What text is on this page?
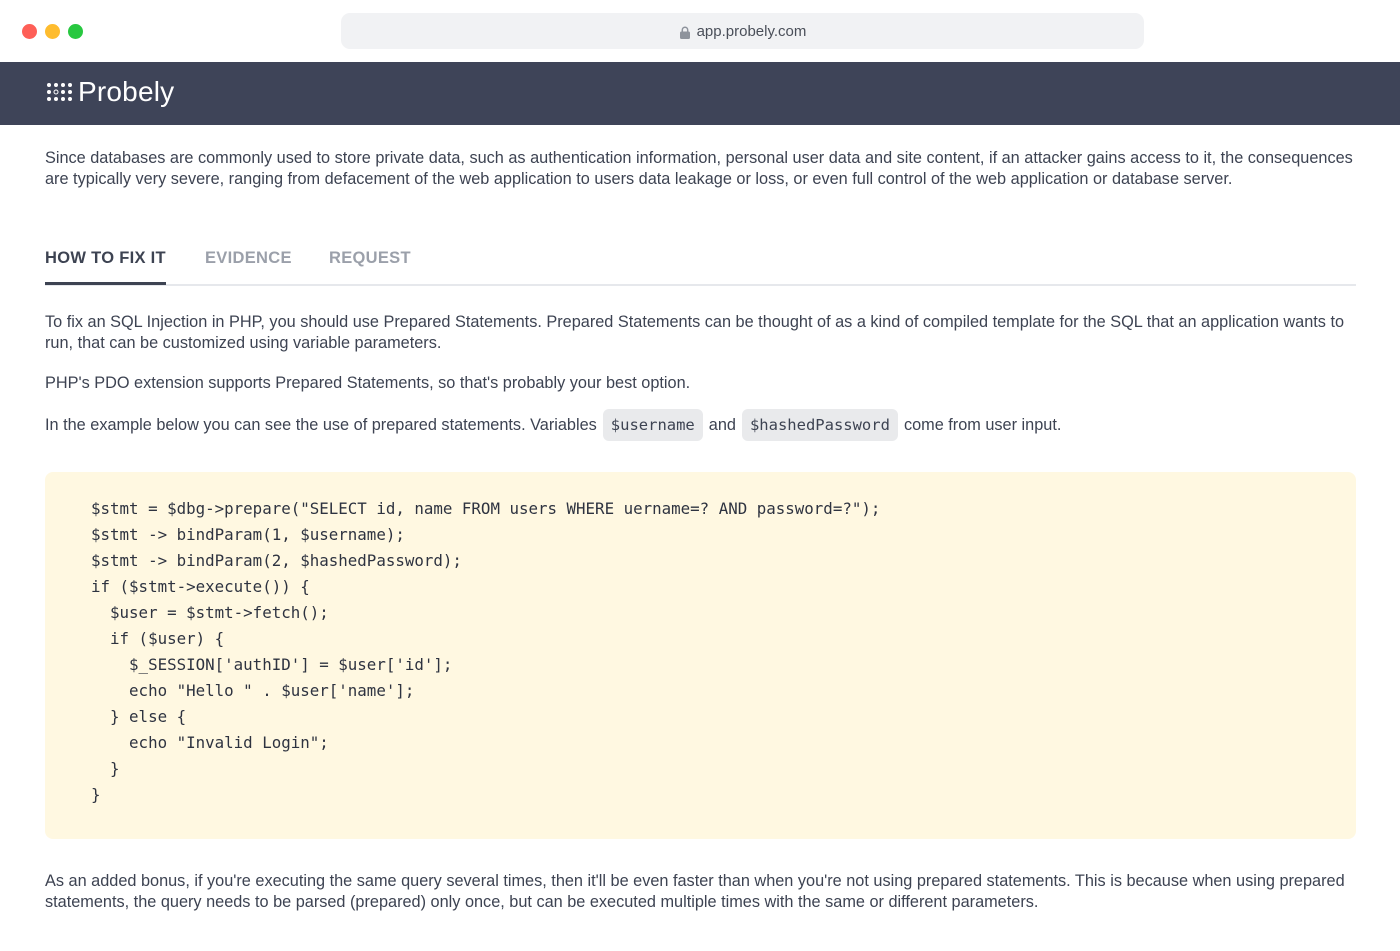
app.probely.com
Probely

Since databases are commonly used to store private data, such as authentication information, personal user data and site content, if an attacker gains access to it, the consequences are typically very severe, ranging from defacement of the web application to users data leakage or loss, or even full control of the web application or database server.

HOW TO FIX IT EVIDENCE REQUEST

To fix an SQL Injection in PHP, you should use Prepared Statements. Prepared Statements can be thought of as a kind of compiled template for the SQL that an application wants to run, that can be customized using variable parameters.

PHP's PDO extension supports Prepared Statements, so that's probably your best option.

In the example below you can see the use of prepared statements. Variables $username and $hashedPassword come from user input.
$stmt = $dbg->prepare("SELECT id, name FROM users WHERE uername=? AND password=?");
$stmt -> bindParam(1, $username);
$stmt -> bindParam(2, $hashedPassword);
if ($stmt->execute()) {
$user = $stmt->fetch();
if ($user) {
$_SESSION['authID'] = $user['id'];
echo "Hello " . $user['name'];
} else {
echo "Invalid Login";
}
}

As an added bonus, if you're executing the same query several times, then it'll be even faster than when you're not using prepared statements. This is because when using prepared statements, the query needs to be parsed (prepared) only once, but can be executed multiple times with the same or different parameters.
